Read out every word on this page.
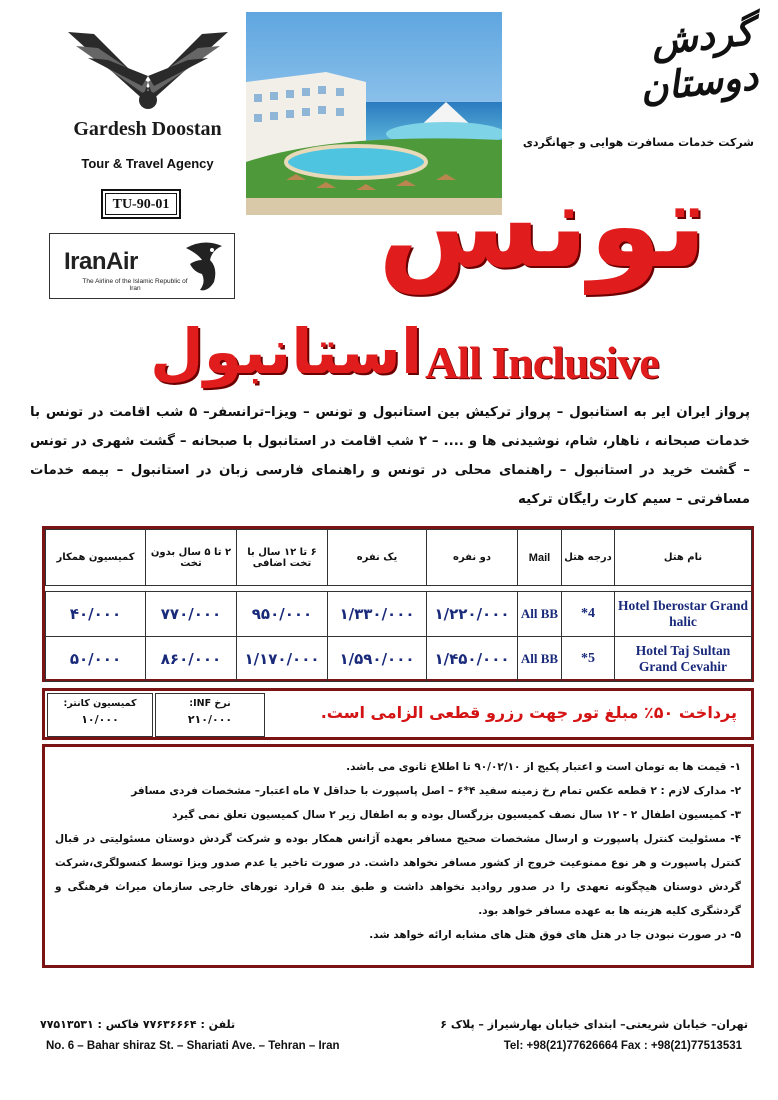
Gardesh Doostan
Tour & Travel Agency
TU-90-01
IranAir
The Airline of the Islamic Republic of Iran
گردش دوستان
شرکت خدمات مسافرت هوایی و جهانگردی
تونس
استانبول All Inclusive
پرواز ایران ایر به استانبول – پرواز ترکیش بین استانبول و تونس – ویزا–ترانسفر– ۵ شب اقامت در تونس با خدمات صبحانه ، ناهار، شام، نوشیدنی ها و .... – ۲ شب اقامت در استانبول با صبحانه – گشت شهری در تونس – گشت خرید در استانبول – راهنمای محلی در تونس و راهنمای فارسی زبان در استانبول – بیمه خدمات مسافرتی – سیم کارت رایگان ترکیه
نام هتل	درجه هتل	Mail	دو نفره	یک نفره	۶ تا ۱۲ سال با تخت اضافی	۲ تا ۵ سال بدون تخت	کمیسیون همکار

Hotel Iberostar Grand halic	4*	All BB	۱/۲۲۰/۰۰۰	۱/۳۳۰/۰۰۰	۹۵۰/۰۰۰	۷۷۰/۰۰۰	۴۰/۰۰۰
Hotel Taj Sultan Grand Cevahir	5*	All BB	۱/۴۵۰/۰۰۰	۱/۵۹۰/۰۰۰	۱/۱۷۰/۰۰۰	۸۶۰/۰۰۰	۵۰/۰۰۰
کمیسیون کانتر:
۱۰/۰۰۰
نرخ INF:
۲۱۰/۰۰۰	پرداخت ۵۰٪ مبلغ تور جهت رزرو قطعی الزامی است.
۱- قیمت ها به تومان است و اعتبار پکیج از ۹۰/۰۲/۱۰ تا اطلاع ثانوی می باشد.
۲- مدارک لازم : ۲ قطعه عکس تمام رخ زمینه سفید ۴*۶ – اصل پاسپورت با حداقل ۷ ماه اعتبار– مشخصات فردی مسافر
۳- کمیسیون اطفال ۲ - ۱۲ سال نصف کمیسیون بزرگسال بوده و به اطفال زیر ۲ سال کمیسیون تعلق نمی گیرد
۴- مسئولیت کنترل پاسپورت و ارسال مشخصات صحیح مسافر بعهده آژانس همکار بوده و شرکت گردش دوستان مسئولیتی در قبال کنترل پاسپورت و هر نوع ممنوعیت خروج از کشور مسافر نخواهد داشت. در صورت تاخیر یا عدم صدور ویزا توسط کنسولگری،شرکت گردش دوستان هیچگونه تعهدی را در صدور روادید نخواهد داشت و طبق بند ۵ قرارد تورهای خارجی سازمان میراث فرهنگی و گردشگری کلیه هزینه ها به عهده مسافر خواهد بود.
۵- در صورت نبودن جا در هتل های فوق هتل های مشابه ارائه خواهد شد.
تلفن : ۷۷۶۳۶۶۶۴ فاکس : ۷۷۵۱۳۵۳۱
No. 6 – Bahar shiraz St. – Shariati Ave. – Tehran – Iran
تهران– خیابان شریعتی– ابتدای خیابان بهارشیراز – پلاک ۶
Tel: +98(21)77626664 Fax : +98(21)77513531
